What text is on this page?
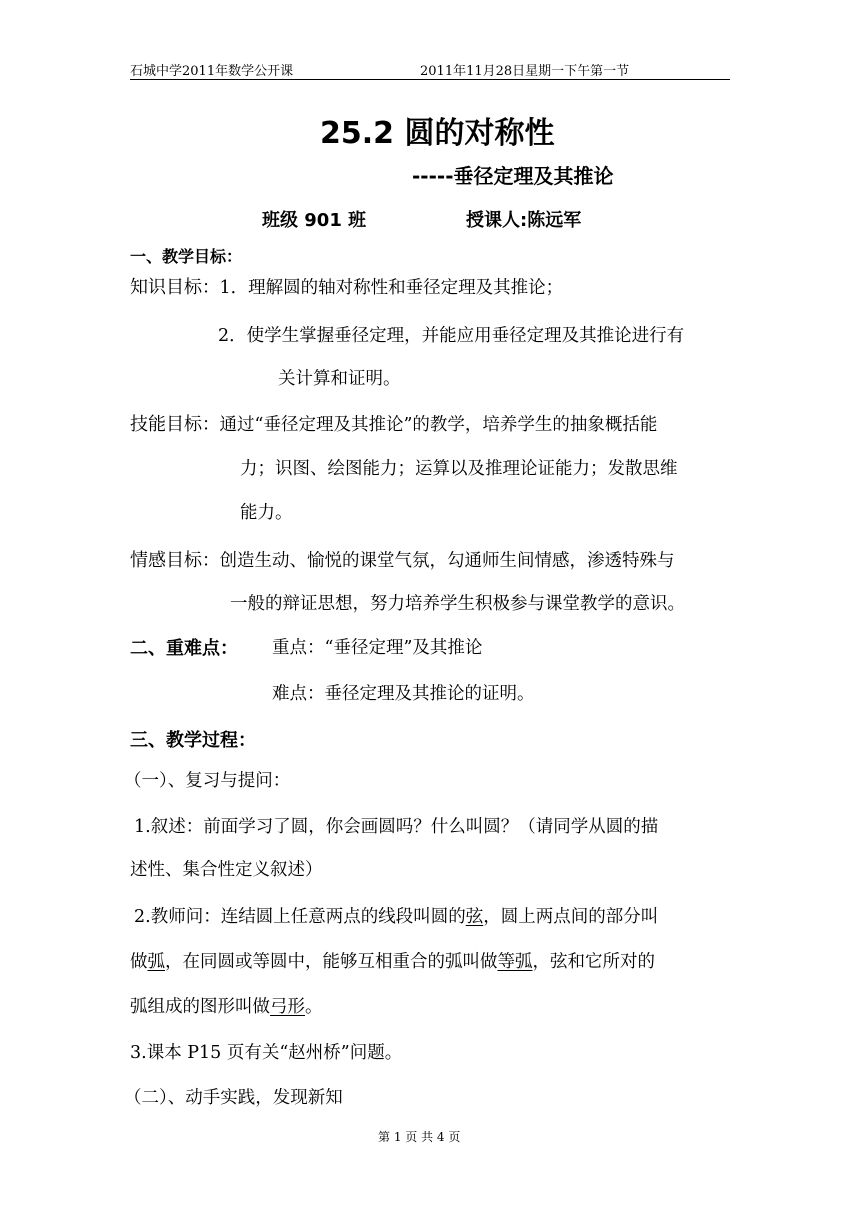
石城中学2011年数学公开课	2011年11月28日星期一下午第一节
25.2 圆的对称性
-----垂径定理及其推论
班级 901 班	授课人:陈远军
一、教学目标：
知识目标：1．理解圆的轴对称性和垂径定理及其推论；
2．使学生掌握垂径定理，并能应用垂径定理及其推论进行有
关计算和证明。
技能目标：通过“垂径定理及其推论”的教学，培养学生的抽象概括能
力；识图、绘图能力；运算以及推理论证能力；发散思维
能力。
情感目标：创造生动、愉悦的课堂气氛，勾通师生间情感，渗透特殊与
一般的辩证思想，努力培养学生积极参与课堂教学的意识。
二、重难点： 重点：“垂径定理”及其推论
难点：垂径定理及其推论的证明。
三、教学过程：
（一）、复习与提问：
1.叙述：前面学习了圆，你会画圆吗？什么叫圆？（请同学从圆的描
述性、集合性定义叙述）
2.教师问：连结圆上任意两点的线段叫圆的弦，圆上两点间的部分叫
做弧，在同圆或等圆中，能够互相重合的弧叫做等弧，弦和它所对的
弧组成的图形叫做弓形。
3.课本 P15 页有关“赵州桥”问题。
（二）、动手实践，发现新知
第 1 页 共 4 页
